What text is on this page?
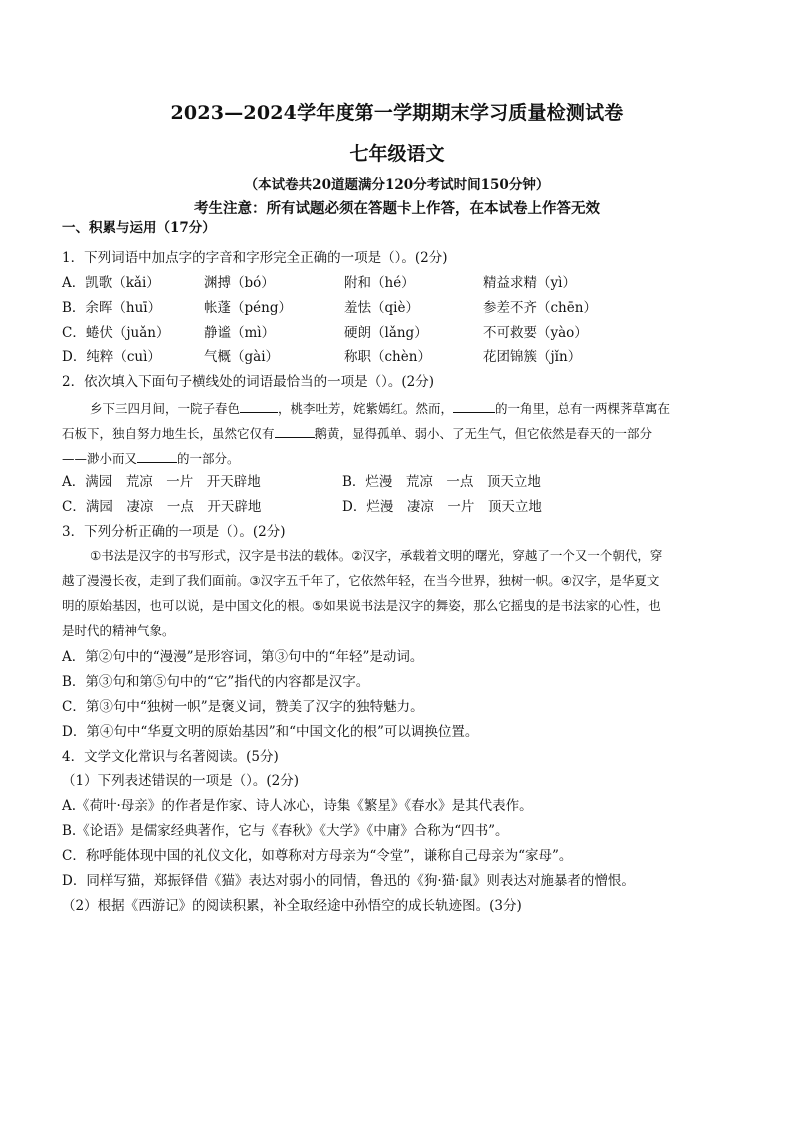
2023—2024学年度第一学期期末学习质量检测试卷
七年级语文
（本试卷共20道题满分120分考试时间150分钟）
考生注意：所有试题必须在答题卡上作答，在本试卷上作答无效
一、积累与运用（17分）
1．下列词语中加点字的字音和字形完全正确的一项是（）。(2分)
A．凯歌（kǎi）	渊搏（bó）	附和（hé）	精益求精（yì）
B．余晖（huī）	帐蓬（péng）	羞怯（qiè）	参差不齐（chēn）
C．蜷伏（juǎn）	静谧（mì）	硬朗（lǎng）	不可救要（yào）
D．纯粹（cuì）	气概（gài）	称职（chèn）	花团锦簇（jǐn）
2．依次填入下面句子横线处的词语最恰当的一项是（）。(2分)
乡下三四月间，一院子春色	，桃李吐芳，姹紫嫣红。然而，	的一角里，总有一两棵荠草寓在
石板下，独自努力地生长，虽然它仅有	鹅黄，显得孤单、弱小、了无生气，但它依然是春天的一部分
——渺小而又	的一部分。
A．满园　荒凉　一片　开天辟地	B．烂漫　荒凉　一点　顶天立地
C．满园　凄凉　一点　开天辟地	D．烂漫　凄凉　一片　顶天立地
3．下列分析正确的一项是（）。(2分)
①书法是汉字的书写形式，汉字是书法的载体。②汉字，承载着文明的曙光，穿越了一个又一个朝代，穿
越了漫漫长夜，走到了我们面前。③汉字五千年了，它依然年轻，在当今世界，独树一帜。④汉字，是华夏文
明的原始基因，也可以说，是中国文化的根。⑤如果说书法是汉字的舞姿，那么它摇曳的是书法家的心性，也
是时代的精神气象。
A．第②句中的“漫漫”是形容词，第③句中的“年轻”是动词。
B．第③句和第⑤句中的“它”指代的内容都是汉字。
C．第③句中“独树一帜”是褒义词，赞美了汉字的独特魅力。
D．第④句中“华夏文明的原始基因”和“中国文化的根”可以调换位置。
4．文学文化常识与名著阅读。(5分)
（1）下列表述错误的一项是（）。(2分)
A.《荷叶·母亲》的作者是作家、诗人冰心，诗集《繁星》《春水》是其代表作。
B.《论语》是儒家经典著作，它与《春秋》《大学》《中庸》合称为“四书”。
C．称呼能体现中国的礼仪文化，如尊称对方母亲为“令堂”，谦称自己母亲为“家母”。
D．同样写猫，郑振铎借《猫》表达对弱小的同情，鲁迅的《狗·猫·鼠》则表达对施暴者的憎恨。
（2）根据《西游记》的阅读积累，补全取经途中孙悟空的成长轨迹图。(3分)
